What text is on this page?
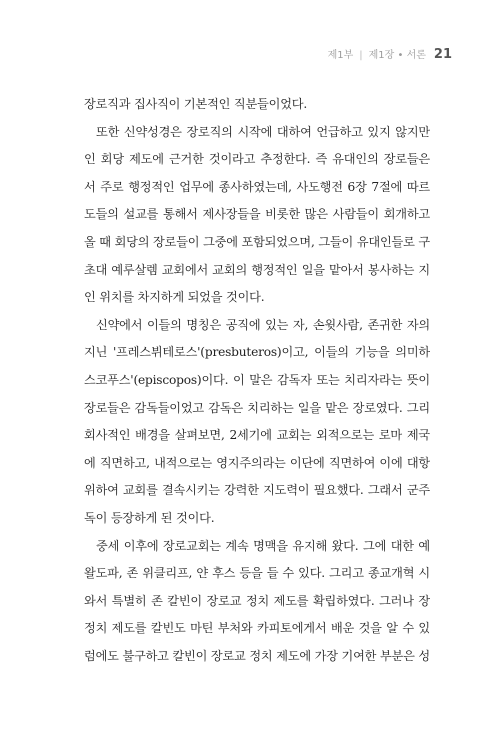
제1부 | 제1장 • 서론 21
장로직과 집사직이 기본적인 직분들이었다.
또한 신약성경은 장로직의 시작에 대하여 언급하고 있지 않지만
인 회당 제도에 근거한 것이라고 추정한다. 즉 유대인의 장로들은
서 주로 행정적인 업무에 종사하였는데, 사도행전 6장 7절에 따르
도들의 설교를 통해서 제사장들을 비롯한 많은 사람들이 회개하고
올 때 회당의 장로들이 그중에 포함되었으며, 그들이 유대인들로 구
초대 예루살렘 교회에서 교회의 행정적인 일을 맡아서 봉사하는 지
인 위치를 차지하게 되었을 것이다.
신약에서 이들의 명칭은 공직에 있는 자, 손윗사람, 존귀한 자의
지닌 '프레스뷔테로스'(presbuteros)이고, 이들의 기능을 의미하
스코푸스'(episcopos)이다. 이 말은 감독자 또는 치리자라는 뜻이
장로들은 감독들이었고 감독은 치리하는 일을 맡은 장로였다. 그리
회사적인 배경을 살펴보면, 2세기에 교회는 외적으로는 로마 제국
에 직면하고, 내적으로는 영지주의라는 이단에 직면하여 이에 대항
위하여 교회를 결속시키는 강력한 지도력이 필요했다. 그래서 군주
독이 등장하게 된 것이다.
중세 이후에 장로교회는 계속 명맥을 유지해 왔다. 그에 대한 예
왈도파, 존 위클리프, 얀 후스 등을 들 수 있다. 그리고 종교개혁 시
와서 특별히 존 칼빈이 장로교 정치 제도를 확립하였다. 그러나 장
정치 제도를 칼빈도 마틴 부처와 카피토에게서 배운 것을 알 수 있
럼에도 불구하고 칼빈이 장로교 정치 제도에 가장 기여한 부분은 성
